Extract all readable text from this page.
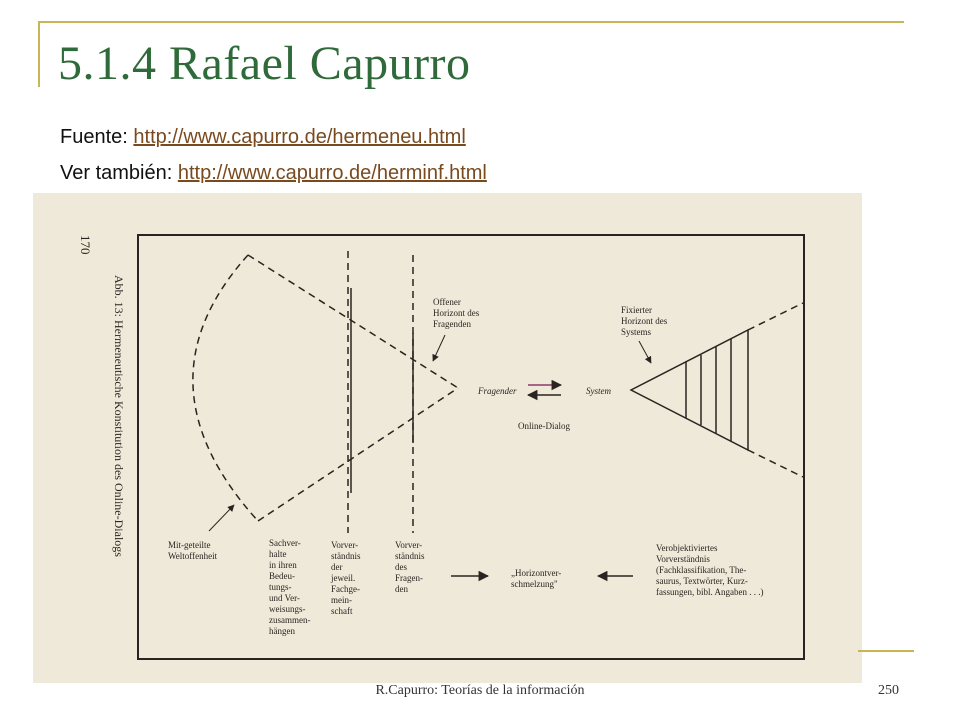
5.1.4 Rafael Capurro
Fuente: http://www.capurro.de/hermeneu.html
Ver también: http://www.capurro.de/herminf.html
170
Abb. 13: Hermeneutische Konstitution des Online-Dialogs	Offener Horizont des Fragenden
Fragender	System
Online-Dialog
Fixierter Horizont des Systems
Mit-geteilte Weltoffenheit
Sachver- halte in ihren Bedeu- tungs- und Ver- weisungs- zusammen- hängen
Vorver- ständnis der jeweil. Fachge- mein- schaft
Vorver- ständnis des Fragen- den
„Horizontver- schmelzung"
Verobjektiviertes Vorverständnis (Fachklassifikation, The- saurus, Textwörter, Kurz- fassungen, bibl. Angaben . . .)
R.Capurro: Teorías de la información	250
